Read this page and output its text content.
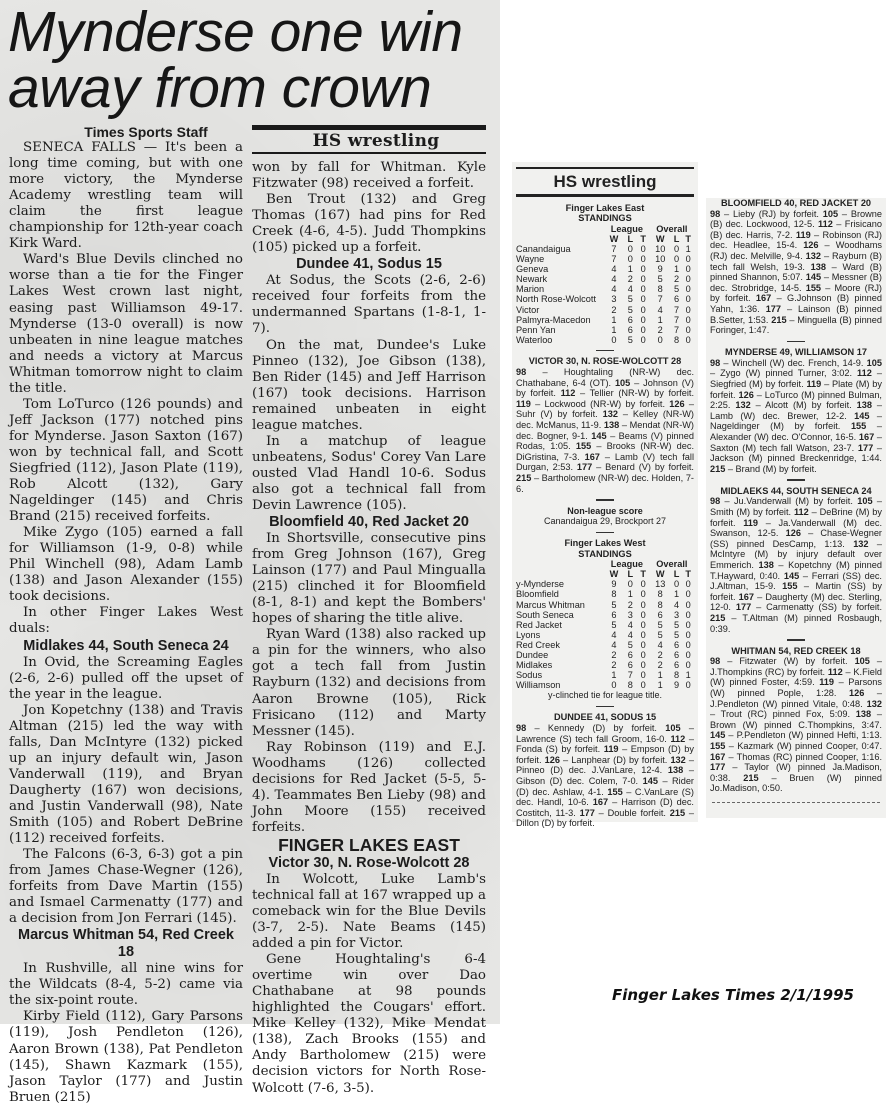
Mynderse one win
away from crown

Times Sports Staff

SENECA FALLS — It's been a long time coming, but with one more victory, the Mynderse Academy wrestling team will claim the first league championship for 12th-year coach Kirk Ward.

Ward's Blue Devils clinched no worse than a tie for the Finger Lakes West crown last night, easing past Williamson 49-17. Mynderse (13-0 overall) is now unbeaten in nine league matches and needs a victory at Marcus Whitman tomorrow night to claim the title.

Tom LoTurco (126 pounds) and Jeff Jackson (177) notched pins for Mynderse. Jason Saxton (167) won by technical fall, and Scott Siegfried (112), Jason Plate (119), Rob Alcott (132), Gary Nageldinger (145) and Chris Brand (215) received forfeits.

Mike Zygo (105) earned a fall for Williamson (1-9, 0-8) while Phil Winchell (98), Adam Lamb (138) and Jason Alexander (155) took decisions.

In other Finger Lakes West duals:

Midlakes 44, South Seneca 24

In Ovid, the Screaming Eagles (2-6, 2-6) pulled off the upset of the year in the league.

Jon Kopetchny (138) and Travis Altman (215) led the way with falls, Dan McIntyre (132) picked up an injury default win, Jason Vanderwall (119), and Bryan Daugherty (167) won decisions, and Justin Vanderwall (98), Nate Smith (105) and Robert DeBrine (112) received forfeits.

The Falcons (6-3, 6-3) got a pin from James Chase-Wegner (126), forfeits from Dave Martin (155) and Ismael Carmenatty (177) and a decision from Jon Ferrari (145).

Marcus Whitman 54, Red Creek 18

In Rushville, all nine wins for the Wildcats (8-4, 5-2) came via the six-point route.

Kirby Field (112), Gary Parsons (119), Josh Pendleton (126), Aaron Brown (138), Pat Pendleton (145), Shawn Kazmark (155), Jason Taylor (177) and Justin Bruen (215)

HS wrestling

won by fall for Whitman. Kyle Fitzwater (98) received a forfeit.

Ben Trout (132) and Greg Thomas (167) had pins for Red Creek (4-6, 4-5). Judd Thompkins (105) picked up a forfeit.

Dundee 41, Sodus 15

At Sodus, the Scots (2-6, 2-6) received four forfeits from the undermanned Spartans (1-8-1, 1-7).

On the mat, Dundee's Luke Pinneo (132), Joe Gibson (138), Ben Rider (145) and Jeff Harrison (167) took decisions. Harrison remained unbeaten in eight league matches.

In a matchup of league unbeatens, Sodus' Corey Van Lare ousted Vlad Handl 10-6. Sodus also got a technical fall from Devin Lawrence (105).

Bloomfield 40, Red Jacket 20

In Shortsville, consecutive pins from Greg Johnson (167), Greg Lainson (177) and Paul Mingualla (215) clinched it for Bloomfield (8-1, 8-1) and kept the Bombers' hopes of sharing the title alive.

Ryan Ward (138) also racked up a pin for the winners, who also got a tech fall from Justin Rayburn (132) and decisions from Aaron Browne (105), Rick Frisicano (112) and Marty Messner (145).

Ray Robinson (119) and E.J. Woodhams (126) collected decisions for Red Jacket (5-5, 5-4). Teammates Ben Lieby (98) and John Moore (155) received forfeits.

FINGER LAKES EAST

Victor 30, N. Rose-Wolcott 28

In Wolcott, Luke Lamb's technical fall at 167 wrapped up a comeback win for the Blue Devils (3-7, 2-5). Nate Beams (145) added a pin for Victor.

Gene Houghtaling's 6-4 overtime win over Dao Chathabane at 98 pounds highlighted the Cougars' effort. Mike Kelley (132), Mike Mendat (138), Zach Brooks (155) and Andy Bartholomew (215) were decision victors for North Rose-Wolcott (7-6, 3-5).

HS wrestling
Finger Lakes East
STANDINGS
	League			Overall		
	W	L	T	W	L	T
Canandaigua	7	0	0	10	0	1
Wayne	7	0	0	10	0	0
Geneva	4	1	0	9	1	0
Newark	4	2	0	5	2	0
Marion	4	4	0	8	5	0
North Rose-Wolcott	3	5	0	7	6	0
Victor	2	5	0	4	7	0
Palmyra-Macedon	1	6	0	1	7	0
Penn Yan	1	6	0	2	7	0
Waterloo	0	5	0	0	8	0
VICTOR 30, N. ROSE-WOLCOTT 28
98 – Houghtaling (NR-W) dec. Chathabane, 6-4 (OT). 105 – Johnson (V) by forfeit. 112 – Tellier (NR-W) by forfeit. 119 – Lockwood (NR-W) by forfeit. 126 – Suhr (V) by forfeit. 132 – Kelley (NR-W) dec. McManus, 11-9. 138 – Mendat (NR-W) dec. Bogner, 9-1. 145 – Beams (V) pinned Rodas, 1:05. 155 – Brooks (NR-W) dec. DiGristina, 7-3. 167 – Lamb (V) tech fall Durgan, 2:53. 177 – Benard (V) by forfeit. 215 – Bartholomew (NR-W) dec. Holden, 7-6.
Non-league score
Canandaigua 29, Brockport 27
Finger Lakes West
STANDINGS
	League			Overall		
	W	L	T	W	L	T
y-Mynderse	9	0	0	13	0	0
Bloomfield	8	1	0	8	1	0
Marcus Whitman	5	2	0	8	4	0
South Seneca	6	3	0	6	3	0
Red Jacket	5	4	0	5	5	0
Lyons	4	4	0	5	5	0
Red Creek	4	5	0	4	6	0
Dundee	2	6	0	2	6	0
Midlakes	2	6	0	2	6	0
Sodus	1	7	0	1	8	1
Williamson	0	8	0	1	9	0
y-clinched tie for league title.
DUNDEE 41, SODUS 15
98 – Kennedy (D) by forfeit. 105 – Lawrence (S) tech fall Groom, 16-0. 112 – Fonda (S) by forfeit. 119 – Empson (D) by forfeit. 126 – Lanphear (D) by forfeit. 132 – Pinneo (D) dec. J.VanLare, 12-4. 138 – Gibson (D) dec. Colem, 7-0. 145 – Rider (D) dec. Ashlaw, 4-1. 155 – C.VanLare (S) dec. Handl, 10-6. 167 – Harrison (D) dec. Costitch, 11-3. 177 – Double forfeit. 215 – Dillon (D) by forfeit.
BLOOMFIELD 40, RED JACKET 20
98 – Lieby (RJ) by forfeit. 105 – Browne (B) dec. Lockwood, 12-5. 112 – Frisicano (B) dec. Harris, 7-2. 119 – Robinson (RJ) dec. Headlee, 15-4. 126 – Woodhams (RJ) dec. Melville, 9-4. 132 – Rayburn (B) tech fall Welsh, 19-3. 138 – Ward (B) pinned Shannon, 5:07. 145 – Messner (B) dec. Strobridge, 14-5. 155 – Moore (RJ) by forfeit. 167 – G.Johnson (B) pinned Yahn, 1:36. 177 – Lainson (B) pinned B.Setter, 1:53. 215 – Minguella (B) pinned Foringer, 1:47.
MYNDERSE 49, WILLIAMSON 17
98 – Winchell (W) dec. French, 14-9. 105 – Zygo (W) pinned Turner, 3:02. 112 – Siegfried (M) by forfeit. 119 – Plate (M) by forfeit. 126 – LoTurco (M) pinned Bulman, 2:25. 132 – Alcott (M) by forfeit. 138 – Lamb (W) dec. Brewer, 12-2. 145 – Nageldinger (M) by forfeit. 155 – Alexander (W) dec. O'Connor, 16-5. 167 – Saxton (M) tech fall Watson, 23-7. 177 – Jackson (M) pinned Breckenridge, 1:44. 215 – Brand (M) by forfeit.
MIDLAEKS 44, SOUTH SENECA 24
98 – Ju.Vanderwall (M) by forfeit. 105 – Smith (M) by forfeit. 112 – DeBrine (M) by forfeit. 119 – Ja.Vanderwall (M) dec. Swanson, 12-5. 126 – Chase-Wegner (SS) pinned DesCamp, 1:13. 132 – McIntyre (M) by injury default over Emmerich. 138 – Kopetchny (M) pinned T.Hayward, 0:40. 145 – Ferrari (SS) dec. J.Altman, 15-9. 155 – Martin (SS) by forfeit. 167 – Daugherty (M) dec. Sterling, 12-0. 177 – Carmenatty (SS) by forfeit. 215 – T.Altman (M) pinned Rosbaugh, 0:39.
WHITMAN 54, RED CREEK 18
98 – Fitzwater (W) by forfeit. 105 – J.Thompkins (RC) by forfeit. 112 – K.Field (W) pinned Foster, 4:59. 119 – Parsons (W) pinned Pople, 1:28. 126 – J.Pendleton (W) pinned Vitale, 0:48. 132 – Trout (RC) pinned Fox, 5:09. 138 – Brown (W) pinned C.Thompkins, 3:47. 145 – P.Pendleton (W) pinned Hefti, 1:13. 155 – Kazmark (W) pinned Cooper, 0:47. 167 – Thomas (RC) pinned Cooper, 1:16. 177 – Taylor (W) pinned Ja.Madison, 0:38. 215 – Bruen (W) pinned Jo.Madison, 0:50.
Finger Lakes Times 2/1/1995
